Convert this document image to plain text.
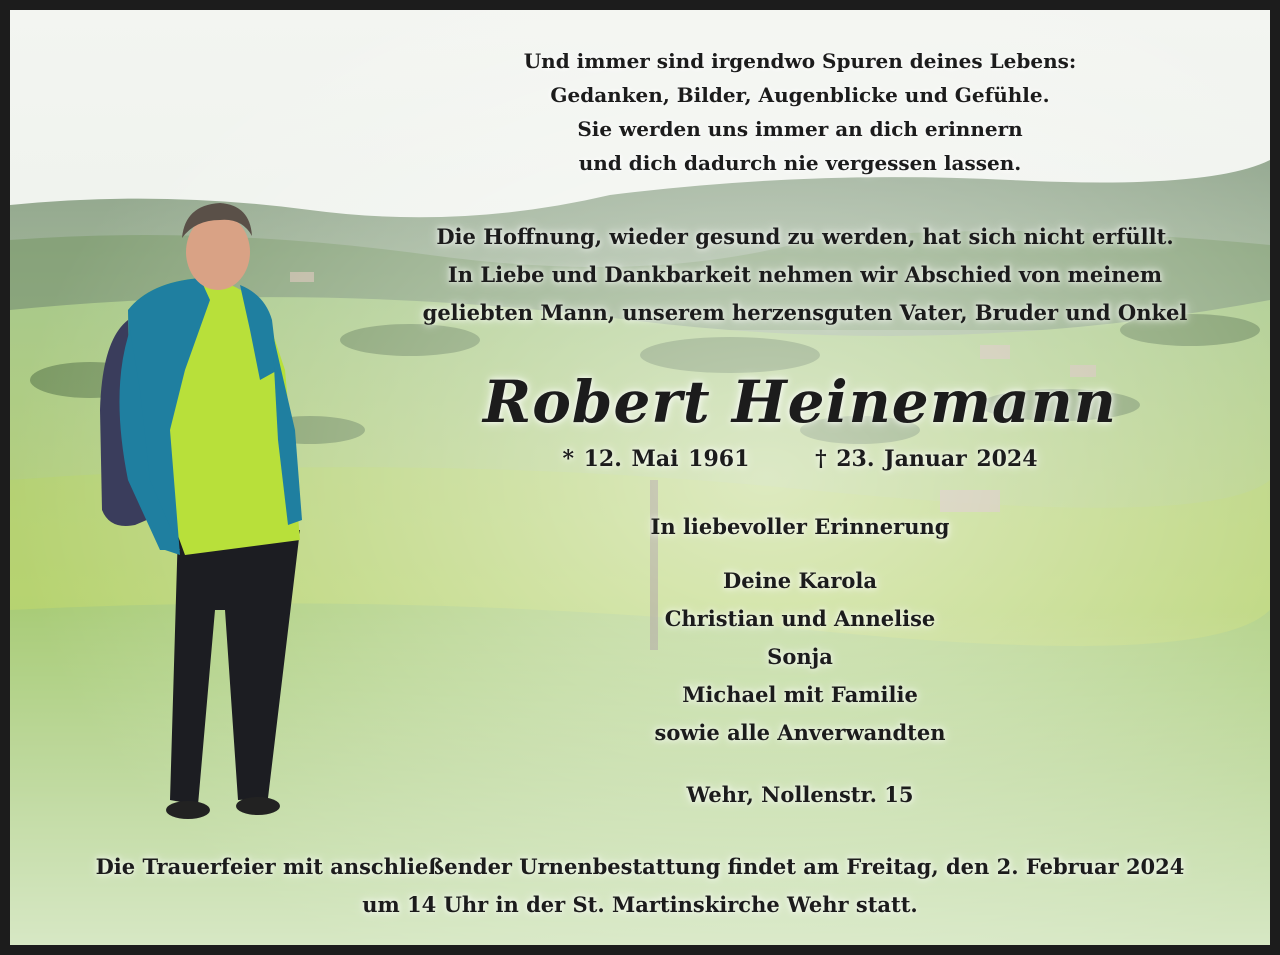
Und immer sind irgendwo Spuren deines Lebens:
Gedanken, Bilder, Augenblicke und Gefühle.
Sie werden uns immer an dich erinnern
und dich dadurch nie vergessen lassen.
Die Hoffnung, wieder gesund zu werden, hat sich nicht erfüllt.
In Liebe und Dankbarkeit nehmen wir Abschied von meinem
geliebten Mann, unserem herzensguten Vater, Bruder und Onkel
Robert Heinemann
* 12. Mai 1961	† 23. Januar 2024
In liebevoller Erinnerung
Deine Karola
Christian und Annelise
Sonja
Michael mit Familie
sowie alle Anverwandten
Wehr, Nollenstr. 15
Die Trauerfeier mit anschließender Urnenbestattung findet am Freitag, den 2. Februar 2024
um 14 Uhr in der St. Martinskirche Wehr statt.
